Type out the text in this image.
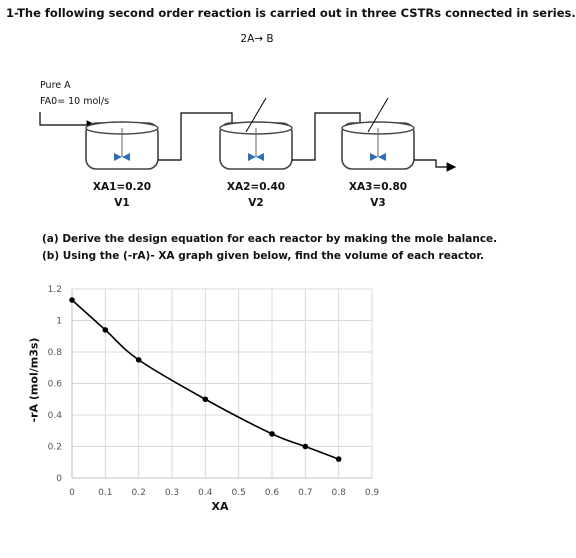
1-The following second order reaction is carried out in three CSTRs connected in series.
2A→ B
Pure A
FA0= 10 mol/s
XA1=0.20
V1
XA2=0.40
V2
XA3=0.80
V3
(a) Derive the design equation for each reactor by making the mole balance.
(b) Using the (-rA)- XA graph given below, find the volume of each reactor.
0	0.1 0.2 0.3 0.4 0.5 0.6 0.7 0.8 0.9
0
0.2
0.4
0.6
0.8
1
1.2
-rA (mol/m3s)
XA
